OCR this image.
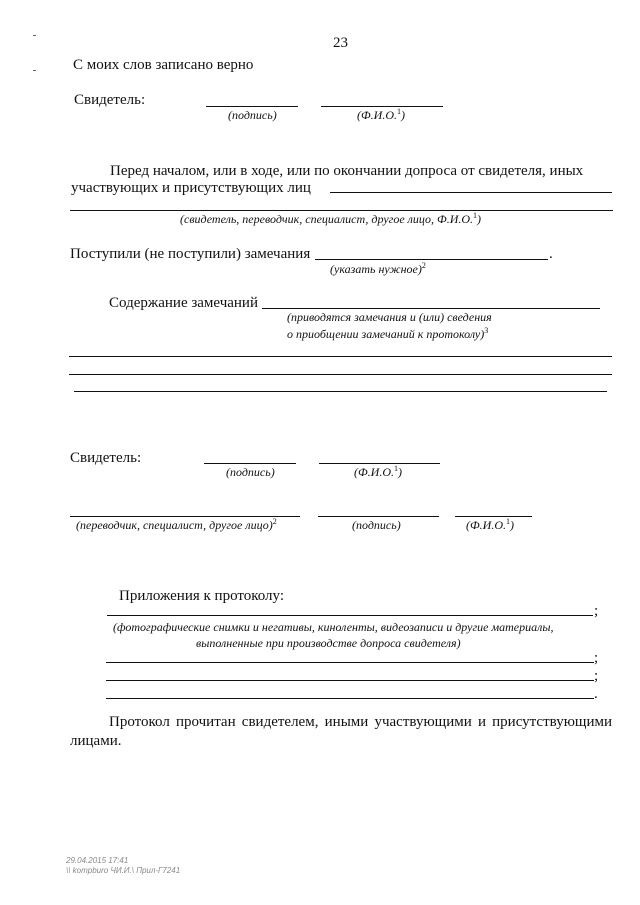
23
С моих слов записано верно
Свидетель:
(подпись)	(Ф.И.О.$^1$)
Перед началом, или в ходе, или по окончании допроса от свидетеля, иных
участвующих и присутствующих лиц
(свидетель, переводчик, специалист, другое лицо, Ф.И.О.$^1$)
Поступили (не поступили) замечания	.
(указать нужное)$^2$
Содержание замечаний
(приводятся замечания и (или) сведения
о приобщении замечаний к протоколу)$^3$
Свидетель:
(подпись)	(Ф.И.О.$^1$)
(переводчик, специалист, другое лицо)$^2$	(подпись)	(Ф.И.О.$^1$)
Приложения к протоколу:
;
(фотографические снимки и негативы, киноленты, видеозаписи и другие материалы,
выполненные при производстве допроса свидетеля)
;
;
.
Протокол прочитан свидетелем, иными участвующими и присутствующими
лицами.
29.04.2015 17:41
\\ kompburo ЧИ.И.\ Прил-Г7241
